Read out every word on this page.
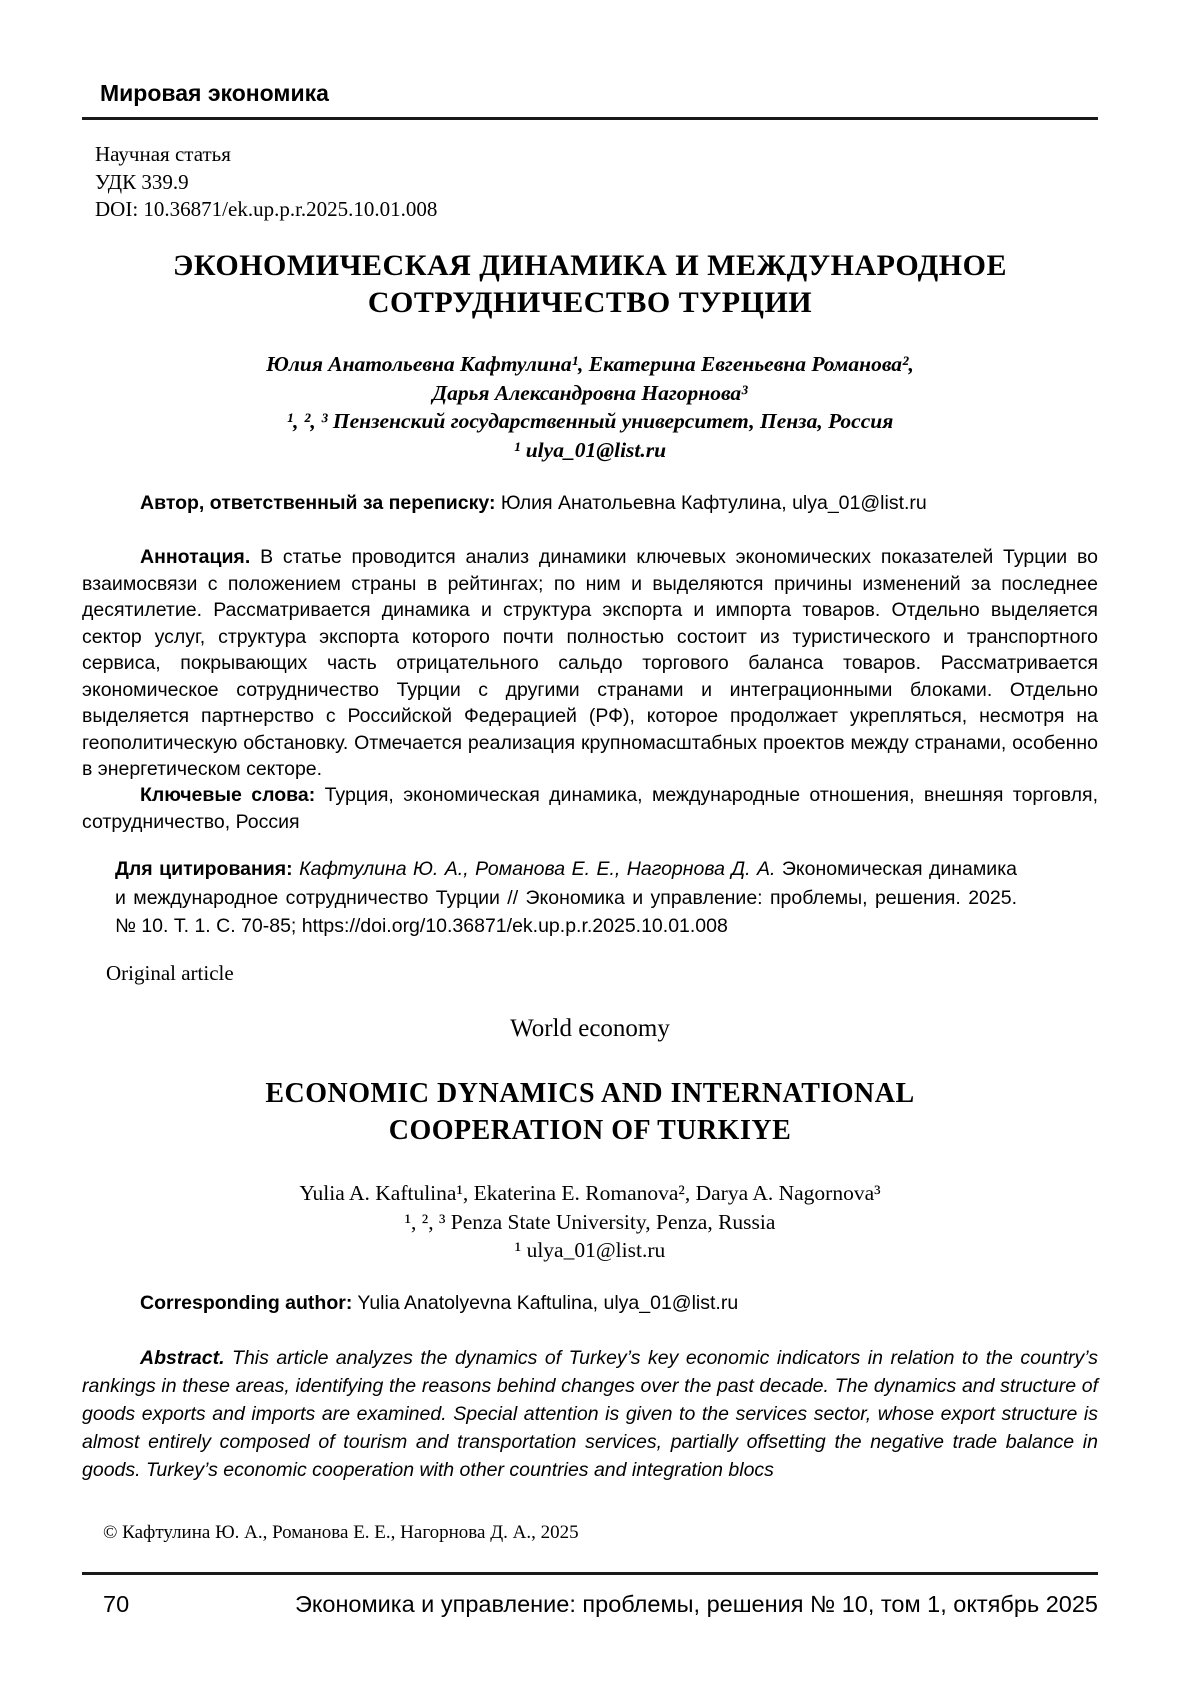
Мировая экономика
Научная статья
УДК 339.9
DOI: 10.36871/ek.up.p.r.2025.10.01.008
ЭКОНОМИЧЕСКАЯ ДИНАМИКА И МЕЖДУНАРОДНОЕ
СОТРУДНИЧЕСТВО ТУРЦИИ
Юлия Анатольевна Кафтулина¹, Екатерина Евгеньевна Романова²,
Дарья Александровна Нагорнова³
¹, ², ³ Пензенский государственный университет, Пенза, Россия
¹ ulya_01@list.ru

Автор, ответственный за переписку: Юлия Анатольевна Кафтулина, ulya_01@list.ru

Аннотация. В статье проводится анализ динамики ключевых экономических показателей Турции во взаимосвязи с положением страны в рейтингах; по ним и выделяются причины изменений за последнее десятилетие. Рассматривается динамика и структура экспорта и импорта товаров. Отдельно выделяется сектор услуг, структура экспорта которого почти полностью состоит из туристического и транспортного сервиса, покрывающих часть отрицательного сальдо торгового баланса товаров. Рассматривается экономическое сотрудничество Турции с другими странами и интеграционными блоками. Отдельно выделяется партнерство с Российской Федерацией (РФ), которое продолжает укрепляться, несмотря на геополитическую обстановку. Отмечается реализация крупномасштабных проектов между странами, особенно в энергетическом секторе.

Ключевые слова: Турция, экономическая динамика, международные отношения, внешняя торговля, сотрудничество, Россия

Для цитирования: Кафтулина Ю. А., Романова Е. Е., Нагорнова Д. А. Экономическая динамика и международное сотрудничество Турции // Экономика и управление: проблемы, решения. 2025. № 10. Т. 1. С. 70-85; https://doi.org/10.36871/ek.up.p.r.2025.10.01.008

Original article
World economy
ECONOMIC DYNAMICS AND INTERNATIONAL
COOPERATION OF TURKIYE
Yulia A. Kaftulina¹, Ekaterina E. Romanova², Darya A. Nagornova³
¹, ², ³ Penza State University, Penza, Russia
¹ ulya_01@list.ru

Corresponding author: Yulia Anatolyevna Kaftulina, ulya_01@list.ru

Abstract. This article analyzes the dynamics of Turkey’s key economic indicators in relation to the country’s rankings in these areas, identifying the reasons behind changes over the past decade. The dynamics and structure of goods exports and imports are examined. Special attention is given to the services sector, whose export structure is almost entirely composed of tourism and transportation services, partially offsetting the negative trade balance in goods. Turkey’s economic cooperation with other countries and integration blocs

© Кафтулина Ю. А., Романова Е. Е., Нагорнова Д. А., 2025
70	Экономика и управление: проблемы, решения № 10, том 1, октябрь 2025
